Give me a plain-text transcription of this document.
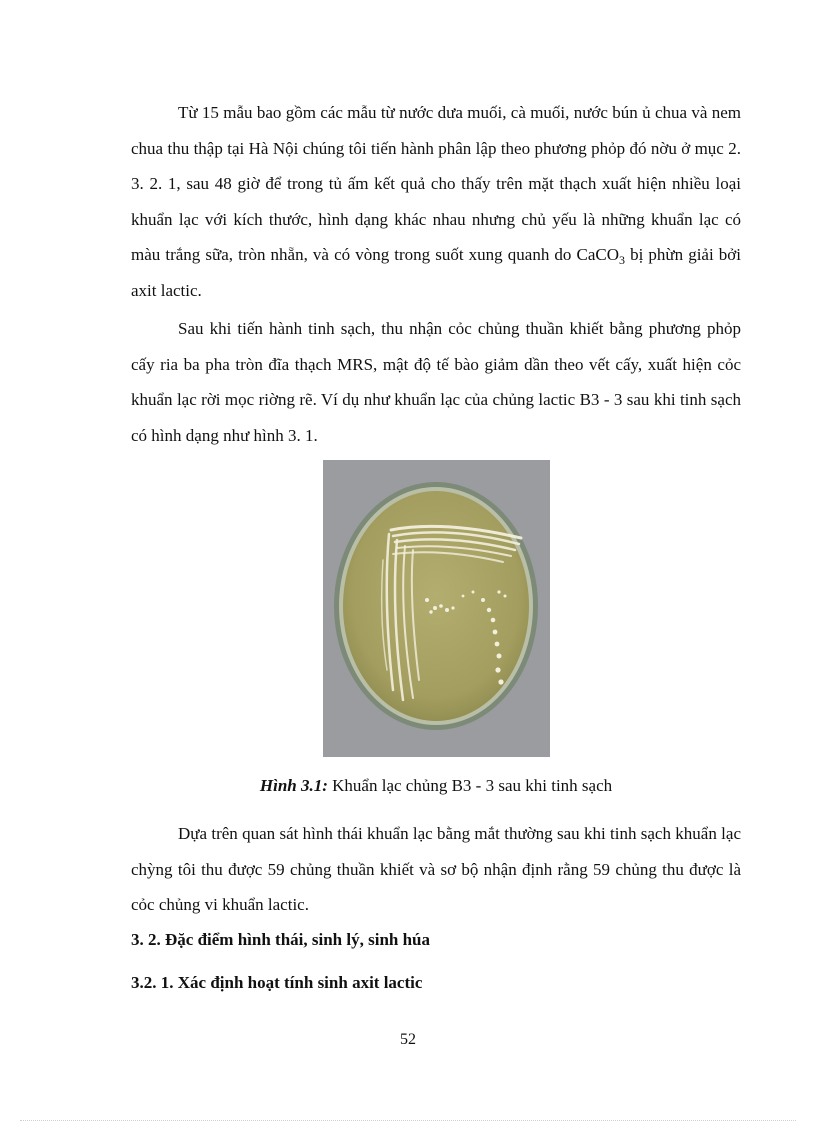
Từ 15 mẫu bao gồm các mẫu từ nước dưa muối, cà muối, nước bún ủ chua và nem chua thu thập tại Hà Nội chúng tôi tiến hành phân lập theo phương phỏp đó nờu ở mục 2. 3. 2. 1, sau 48 giờ để trong tủ ấm kết quả cho thấy trên mặt thạch xuất hiện nhiều loại khuẩn lạc với kích thước, hình dạng khác nhau nhưng chủ yếu là những khuẩn lạc có màu trắng sữa, tròn nhẵn, và có vòng trong suốt xung quanh do CaCO$_3$ bị phừn giải bởi axit lactic.

Sau khi tiến hành tinh sạch, thu nhận cỏc chủng thuần khiết bằng phương phỏp cấy ria ba pha tròn đĩa thạch MRS, mật độ tế bào giảm dần theo vết cấy, xuất hiện cỏc khuẩn lạc rời mọc riờng rẽ. Ví dụ như khuẩn lạc của chủng lactic B3 - 3 sau khi tinh sạch có hình dạng như hình 3. 1.

Hình 3.1: Khuẩn lạc chủng B3 - 3 sau khi tinh sạch

Dựa trên quan sát hình thái khuẩn lạc bằng mắt thường sau khi tinh sạch khuẩn lạc chỳng tôi thu được 59 chủng thuần khiết và sơ bộ nhận định rằng 59 chủng thu được là cỏc chủng vi khuẩn lactic.

3. 2. Đặc điểm hình thái, sinh lý, sinh húa

3.2. 1. Xác định hoạt tính sinh axit lactic

52
